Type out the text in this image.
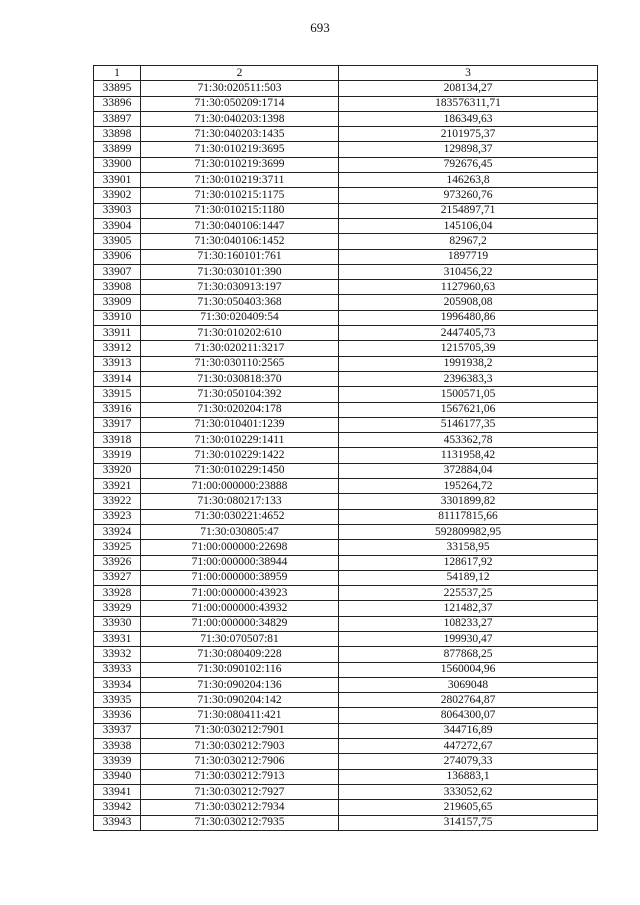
693
1	2	3
33895	71:30:020511:503	208134,27
33896	71:30:050209:1714	183576311,71
33897	71:30:040203:1398	186349,63
33898	71:30:040203:1435	2101975,37
33899	71:30:010219:3695	129898,37
33900	71:30:010219:3699	792676,45
33901	71:30:010219:3711	146263,8
33902	71:30:010215:1175	973260,76
33903	71:30:010215:1180	2154897,71
33904	71:30:040106:1447	145106,04
33905	71:30:040106:1452	82967,2
33906	71:30:160101:761	1897719
33907	71:30:030101:390	310456,22
33908	71:30:030913:197	1127960,63
33909	71:30:050403:368	205908,08
33910	71:30:020409:54	1996480,86
33911	71:30:010202:610	2447405,73
33912	71:30:020211:3217	1215705,39
33913	71:30:030110:2565	1991938,2
33914	71:30:030818:370	2396383,3
33915	71:30:050104:392	1500571,05
33916	71:30:020204:178	1567621,06
33917	71:30:010401:1239	5146177,35
33918	71:30:010229:1411	453362,78
33919	71:30:010229:1422	1131958,42
33920	71:30:010229:1450	372884,04
33921	71:00:000000:23888	195264,72
33922	71:30:080217:133	3301899,82
33923	71:30:030221:4652	81117815,66
33924	71:30:030805:47	592809982,95
33925	71:00:000000:22698	33158,95
33926	71:00:000000:38944	128617,92
33927	71:00:000000:38959	54189,12
33928	71:00:000000:43923	225537,25
33929	71:00:000000:43932	121482,37
33930	71:00:000000:34829	108233,27
33931	71:30:070507:81	199930,47
33932	71:30:080409:228	877868,25
33933	71:30:090102:116	1560004,96
33934	71:30:090204:136	3069048
33935	71:30:090204:142	2802764,87
33936	71:30:080411:421	8064300,07
33937	71:30:030212:7901	344716,89
33938	71:30:030212:7903	447272,67
33939	71:30:030212:7906	274079,33
33940	71:30:030212:7913	136883,1
33941	71:30:030212:7927	333052,62
33942	71:30:030212:7934	219605,65
33943	71:30:030212:7935	314157,75
